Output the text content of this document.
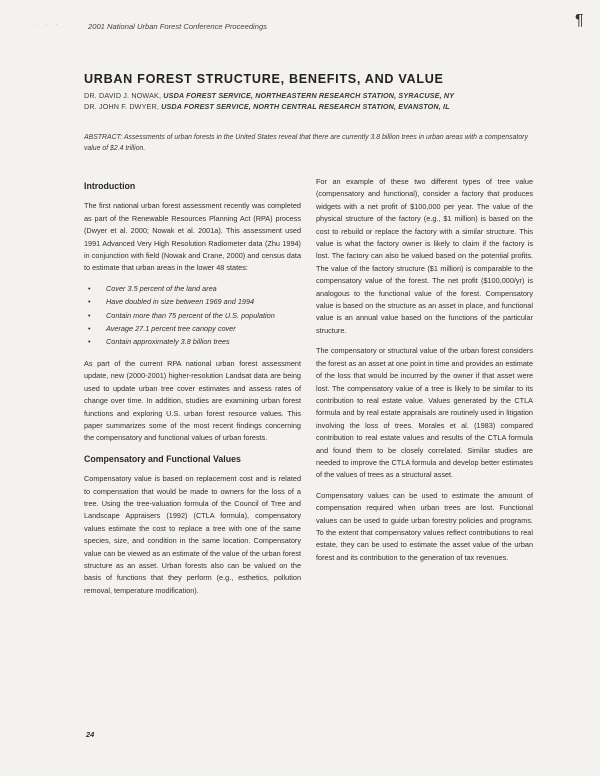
· · ·	2001 National Urban Forest Conference Proceedings	¶
URBAN FOREST STRUCTURE, BENEFITS, AND VALUE
DR. DAVID J. NOWAK, USDA FOREST SERVICE, NORTHEASTERN RESEARCH STATION, SYRACUSE, NY
DR. JOHN F. DWYER, USDA FOREST SERVICE, NORTH CENTRAL RESEARCH STATION, EVANSTON, IL
ABSTRACT: Assessments of urban forests in the United States reveal that there are currently 3.8 billion trees in urban areas with a compensatory value of $2.4 trillion.
Introduction

The first national urban forest assessment recently was completed as part of the Renewable Resources Planning Act (RPA) process (Dwyer et al. 2000; Nowak et al. 2001a). This assessment used 1991 Advanced Very High Resolution Radiometer data (Zhu 1994) in conjunction with field (Nowak and Crane, 2000) and census data to estimate that urban areas in the lower 48 states:

• Cover 3.5 percent of the land area
• Have doubled in size between 1969 and 1994
• Contain more than 75 percent of the U.S. population
• Average 27.1 percent tree canopy cover
• Contain approximately 3.8 billion trees

As part of the current RPA national urban forest assessment update, new (2000-2001) higher-resolution Landsat data are being used to update urban tree cover estimates and assess rates of change over time. In addition, studies are examining urban forest functions and exploring U.S. urban forest resource values. This paper summarizes some of the most recent findings concerning the compensatory and functional values of urban forests.

Compensatory and Functional Values

Compensatory value is based on replacement cost and is related to compensation that would be made to owners for the loss of a tree. Using the tree-valuation formula of the Council of Tree and Landscape Appraisers (1992) (CTLA formula), compensatory values estimate the cost to replace a tree with one of the same species, size, and condition in the same location. Compensatory value can be viewed as an estimate of the value of the urban forest structure as an asset. Urban forests also can be valued on the basis of functions that they perform (e.g., esthetics, pollution removal, temperature modification).

For an example of these two different types of tree value (compensatory and functional), consider a factory that produces widgets with a net profit of $100,000 per year. The value of the physical structure of the factory (e.g., $1 million) is based on the cost to rebuild or replace the factory with a similar structure. This value is what the factory owner is likely to claim if the factory is lost. The factory can also be valued based on the potential profits. The value of the factory structure ($1 million) is comparable to the compensatory value of the forest. The net profit ($100,000/yr) is analogous to the functional value of the forest. Compensatory value is based on the structure as an asset in place, and functional value is an annual value based on the functions of the particular structure.

The compensatory or structural value of the urban forest considers the forest as an asset at one point in time and provides an estimate of the loss that would be incurred by the owner if that asset were lost. The compensatory value of a tree is likely to be similar to its contribution to real estate value. Values generated by the CTLA formula and by real estate appraisals are routinely used in litigation involving the loss of trees. Morales et al. (1983) compared contribution to real estate values and results of the CTLA formula and found them to be closely correlated. Similar studies are needed to improve the CTLA formula and develop better estimates of the values of trees as a structural asset.

Compensatory values can be used to estimate the amount of compensation required when urban trees are lost. Functional values can be used to guide urban forestry policies and programs. To the extent that compensatory values reflect contributions to real estate, they can be used to estimate the asset value of the urban forest and its contribution to the generation of tax revenues.

24
